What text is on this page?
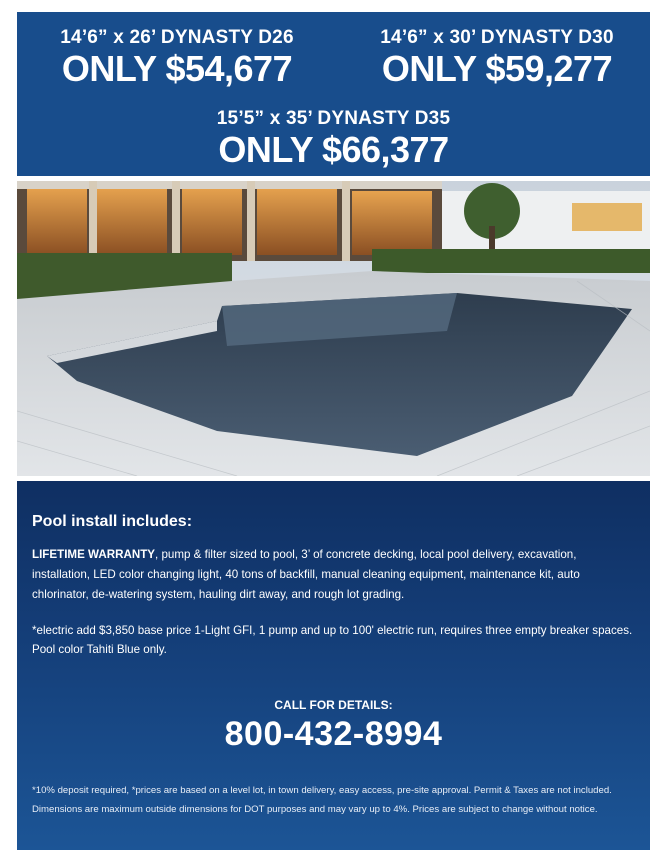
14’6” x 26’ DYNASTY D26
ONLY $54,677
14’6” x 30’ DYNASTY D30
ONLY $59,277
15’5” x 35’ DYNASTY D35
ONLY $66,377
Pool install includes:
LIFETIME WARRANTY, pump & filter sized to pool, 3’ of concrete decking, local pool delivery, excavation, installation, LED color changing light, 40 tons of backfill, manual cleaning equipment, maintenance kit, auto chlorinator, de-watering system, hauling dirt away, and rough lot grading.
*electric add $3,850 base price 1-Light GFI, 1 pump and up to 100' electric run, requires three empty breaker spaces. Pool color Tahiti Blue only.
CALL FOR DETAILS:
800-432-8994
*10% deposit required, *prices are based on a level lot, in town delivery, easy access, pre-site approval. Permit & Taxes are not included. Dimensions are maximum outside dimensions for DOT purposes and may vary up to 4%. Prices are subject to change without notice.
